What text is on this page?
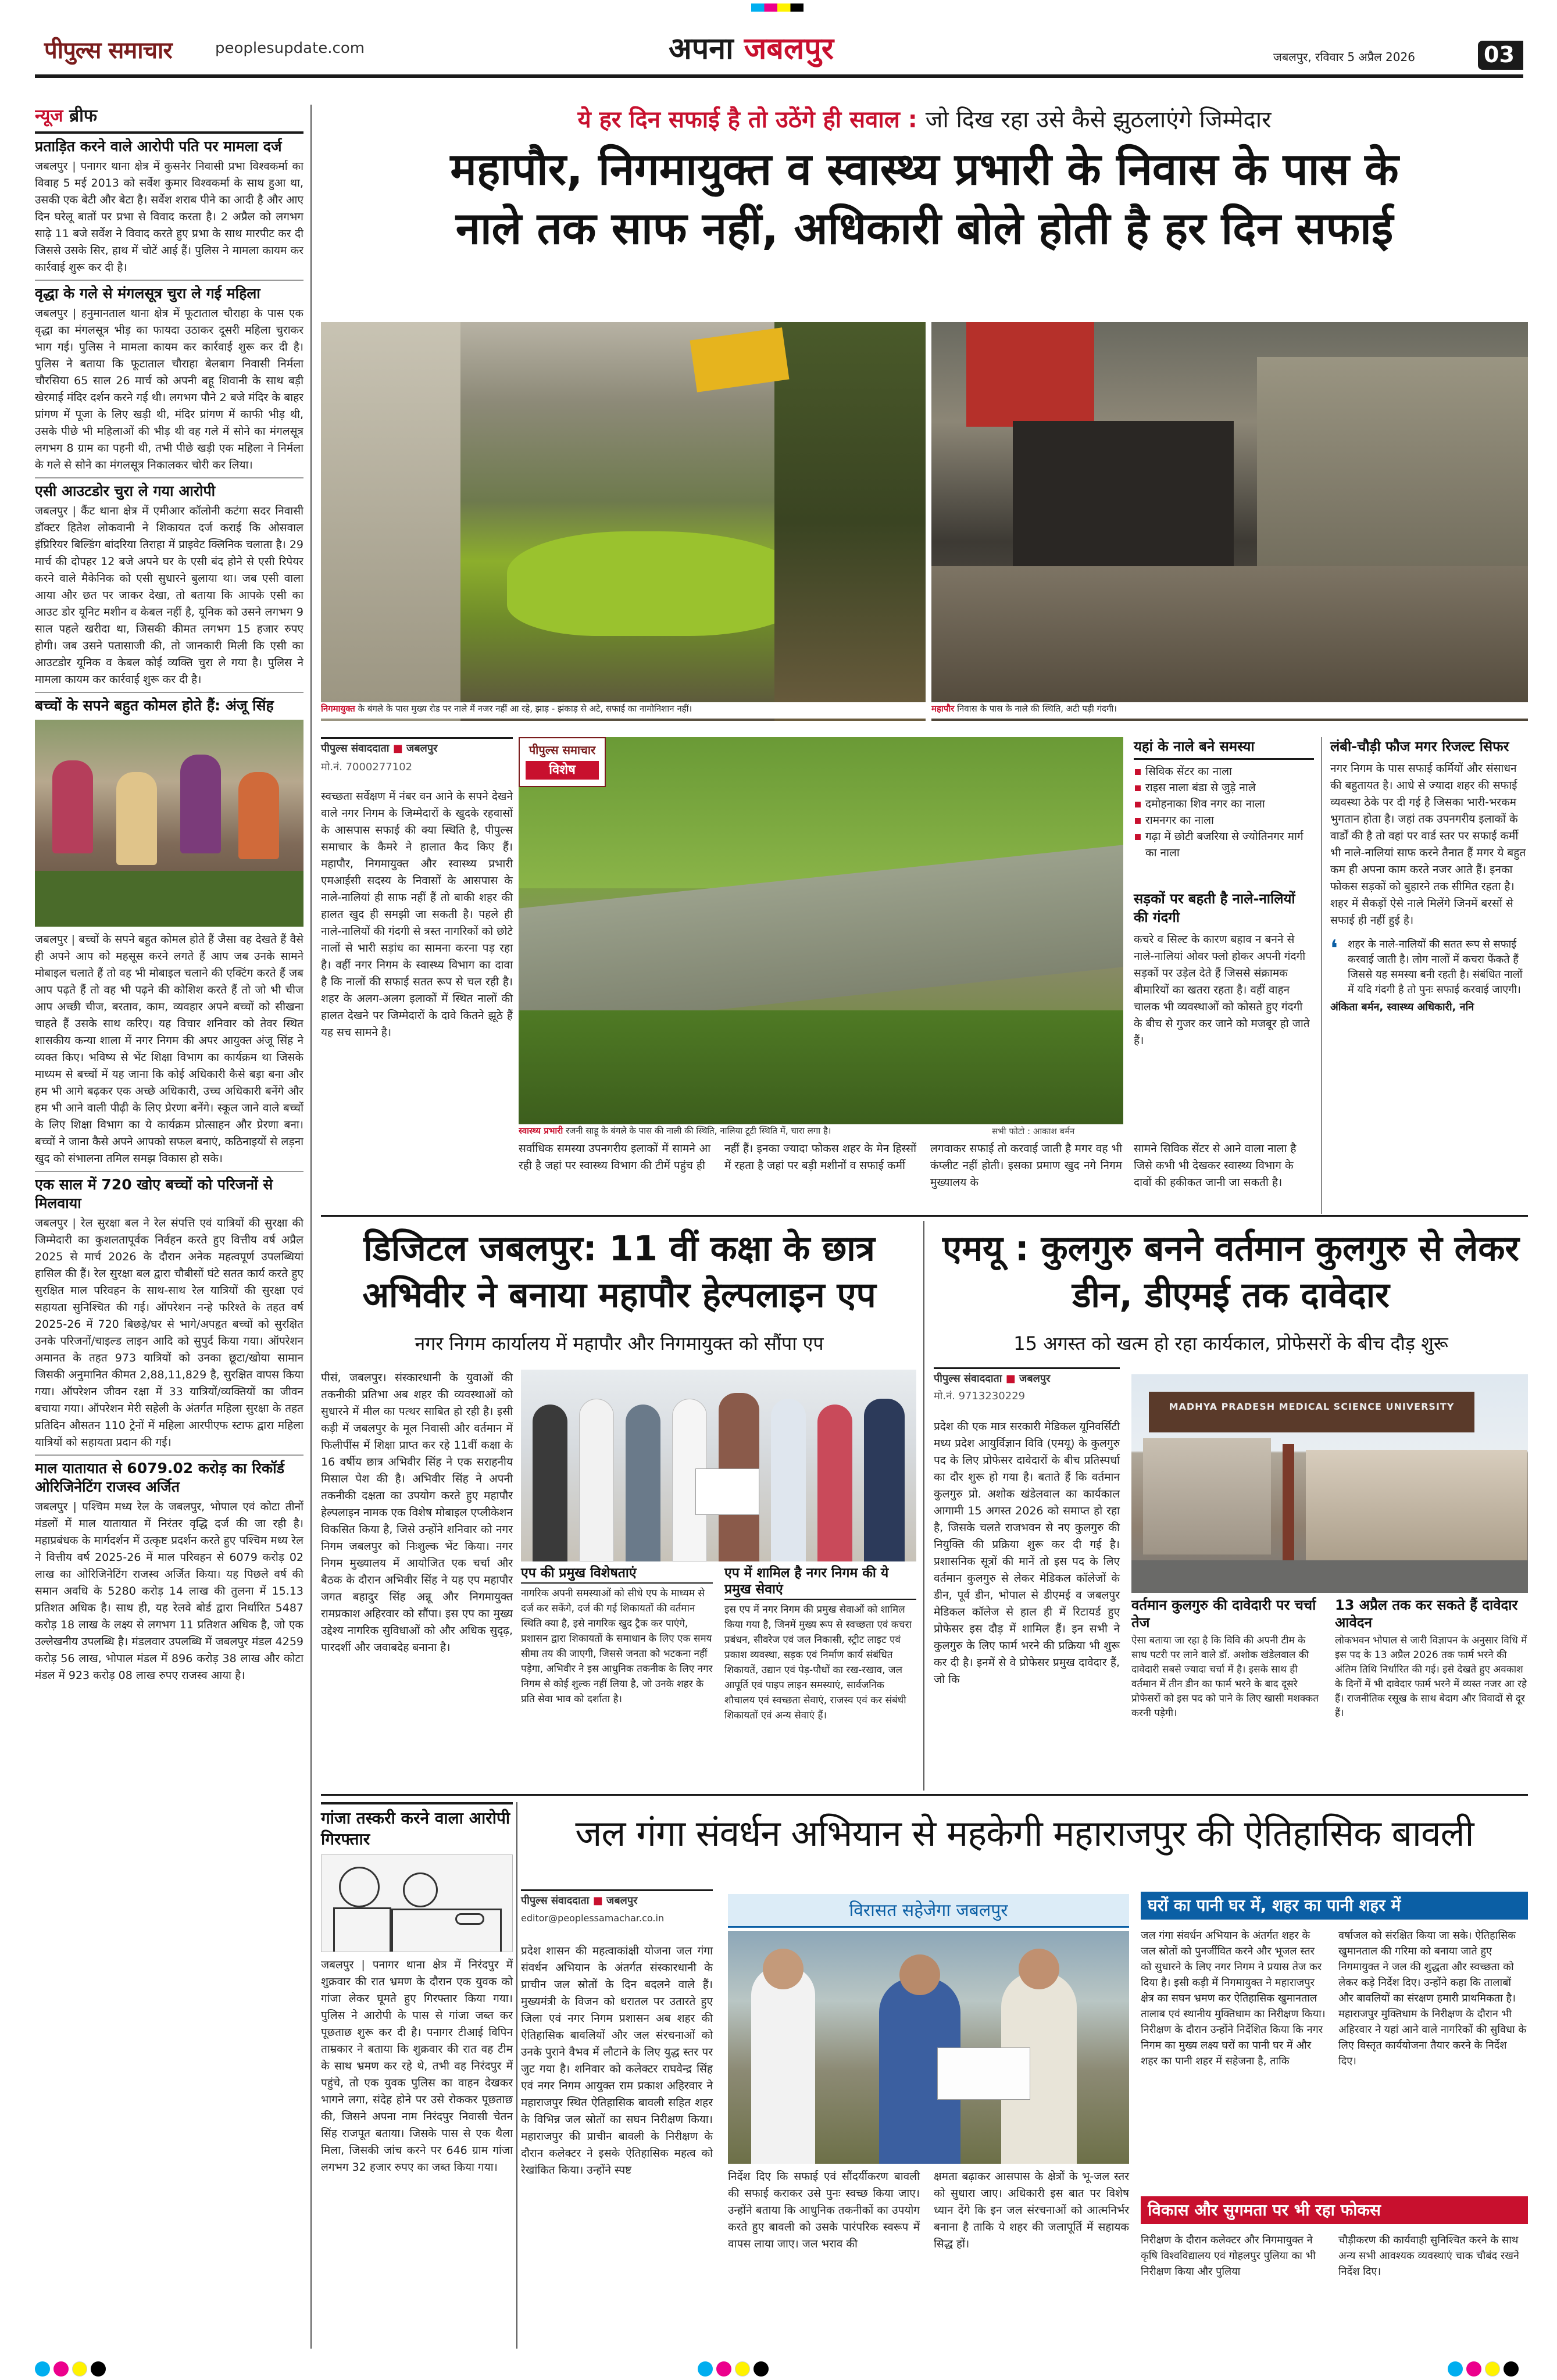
पीपुल्स समाचार	peoplesupdate.com	अपना जबलपुर	जबलपुर, रविवार 5 अप्रैल 2026	03
न्यूज ब्रीफ
प्रताड़ित करने वाले आरोपी पति पर मामला दर्ज
जबलपुर | पनागर थाना क्षेत्र में कुसनेर निवासी प्रभा विश्वकर्मा का विवाह 5 मई 2013 को सर्वेश कुमार विश्वकर्मा के साथ हुआ था, उसकी एक बेटी और बेटा है। सर्वेश शराब पीने का आदी है और आए दिन घरेलू बातों पर प्रभा से विवाद करता है। 2 अप्रैल को लगभग साढ़े 11 बजे सर्वेश ने विवाद करते हुए प्रभा के साथ मारपीट कर दी जिससे उसके सिर, हाथ में चोटें आई हैं। पुलिस ने मामला कायम कर कार्रवाई शुरू कर दी है।
वृद्धा के गले से मंगलसूत्र चुरा ले गई महिला
जबलपुर | हनुमानताल थाना क्षेत्र में फूटाताल चौराहा के पास एक वृद्धा का मंगलसूत्र भीड़ का फायदा उठाकर दूसरी महिला चुराकर भाग गई। पुलिस ने मामला कायम कर कार्रवाई शुरू कर दी है। पुलिस ने बताया कि फूटाताल चौराहा बेलबाग निवासी निर्मला चौरसिया 65 साल 26 मार्च को अपनी बहू शिवानी के साथ बड़ी खेरमाई मंदिर दर्शन करने गई थी। लगभग पौने 2 बजे मंदिर के बाहर प्रांगण में पूजा के लिए खड़ी थी, मंदिर प्रांगण में काफी भीड़ थी, उसके पीछे भी महिलाओं की भीड़ थी वह गले में सोने का मंगलसूत्र लगभग 8 ग्राम का पहनी थी, तभी पीछे खड़ी एक महिला ने निर्मला के गले से सोने का मंगलसूत्र निकालकर चोरी कर लिया।
एसी आउटडोर चुरा ले गया आरोपी
जबलपुर | कैंट थाना क्षेत्र में एमीआर कॉलोनी कटंगा सदर निवासी डॉक्टर हितेश लोकवानी ने शिकायत दर्ज कराई कि ओसवाल इंप्रिरियर बिल्डिंग बांदरिया तिराहा में प्राइवेट क्लिनिक चलाता है। 29 मार्च की दोपहर 12 बजे अपने घर के एसी बंद होने से एसी रिपेयर करने वाले मैकेनिक को एसी सुधारने बुलाया था। जब एसी वाला आया और छत पर जाकर देखा, तो बताया कि आपके एसी का आउट डोर यूनिट मशीन व केबल नहीं है, यूनिक को उसने लगभग 9 साल पहले खरीदा था, जिसकी कीमत लगभग 15 हजार रुपए होगी। जब उसने पतासाजी की, तो जानकारी मिली कि एसी का आउटडोर यूनिक व केबल कोई व्यक्ति चुरा ले गया है। पुलिस ने मामला कायम कर कार्रवाई शुरू कर दी है।
बच्चों के सपने बहुत कोमल होते हैं: अंजू सिंह
जबलपुर | बच्चों के सपने बहुत कोमल होते हैं जैसा वह देखते हैं वैसे ही अपने आप को महसूस करने लगते हैं आप जब उनके सामने मोबाइल चलाते हैं तो वह भी मोबाइल चलाने की एक्टिंग करते हैं जब आप पढ़ते हैं तो वह भी पढ़ने की कोशिश करते हैं तो जो भी चीज आप अच्छी चीज, बरताव, काम, व्यवहार अपने बच्चों को सीखना चाहते हैं उसके साथ करिए। यह विचार शनिवार को तेवर स्थित शासकीय कन्या शाला में नगर निगम की अपर आयुक्त अंजू सिंह ने व्यक्त किए। भविष्य से भेंट शिक्षा विभाग का कार्यक्रम था जिसके माध्यम से बच्चों में यह जाना कि कोई अधिकारी कैसे बड़ा बना और हम भी आगे बढ़कर एक अच्छे अधिकारी, उच्च अधिकारी बनेंगे और हम भी आने वाली पीढ़ी के लिए प्रेरणा बनेंगे। स्कूल जाने वाले बच्चों के लिए शिक्षा विभाग का ये कार्यक्रम प्रोत्साहन और प्रेरणा बना। बच्चों ने जाना कैसे अपने आपको सफल बनाएं, कठिनाइयों से लड़ना खुद को संभालना तमिल समझ विकास हो सके।
एक साल में 720 खोए बच्चों को परिजनों से मिलवाया
जबलपुर | रेल सुरक्षा बल ने रेल संपत्ति एवं यात्रियों की सुरक्षा की जिम्मेदारी का कुशलतापूर्वक निर्वहन करते हुए वित्तीय वर्ष अप्रैल 2025 से मार्च 2026 के दौरान अनेक महत्वपूर्ण उपलब्धियां हासिल की हैं। रेल सुरक्षा बल द्वारा चौबीसों घंटे सतत कार्य करते हुए सुरक्षित माल परिवहन के साथ-साथ रेल यात्रियों की सुरक्षा एवं सहायता सुनिश्चित की गई। ऑपरेशन नन्हे फरिश्ते के तहत वर्ष 2025-26 में 720 बिछड़े/घर से भागे/अपहृत बच्चों को सुरक्षित उनके परिजनों/चाइल्ड लाइन आदि को सुपुर्द किया गया। ऑपरेशन अमानत के तहत 973 यात्रियों को उनका छूटा/खोया सामान जिसकी अनुमानित कीमत 2,88,11,829 है, सुरक्षित वापस किया गया। ऑपरेशन जीवन रक्षा में 33 यात्रियों/व्यक्तियों का जीवन बचाया गया। ऑपरेशन मेरी सहेली के अंतर्गत महिला सुरक्षा के तहत प्रतिदिन औसतन 110 ट्रेनों में महिला आरपीएफ स्टाफ द्वारा महिला यात्रियों को सहायता प्रदान की गई।
माल यातायात से 6079.02 करोड़ का रिकॉर्ड ओरिजिनेटिंग राजस्व अर्जित
जबलपुर | पश्चिम मध्य रेल के जबलपुर, भोपाल एवं कोटा तीनों मंडलों में माल यातायात में निरंतर वृद्धि दर्ज की जा रही है। महाप्रबंधक के मार्गदर्शन में उत्कृष्ट प्रदर्शन करते हुए पश्चिम मध्य रेल ने वित्तीय वर्ष 2025-26 में माल परिवहन से 6079 करोड़ 02 लाख का ओरिजिनेटिंग राजस्व अर्जित किया। यह पिछले वर्ष की समान अवधि के 5280 करोड़ 14 लाख की तुलना में 15.13 प्रतिशत अधिक है। साथ ही, यह रेलवे बोर्ड द्वारा निर्धारित 5487 करोड़ 18 लाख के लक्ष्य से लगभग 11 प्रतिशत अधिक है, जो एक उल्लेखनीय उपलब्धि है। मंडलवार उपलब्धि में जबलपुर मंडल 4259 करोड़ 56 लाख, भोपाल मंडल में 896 करोड़ 38 लाख और कोटा मंडल में 923 करोड़ 08 लाख रुपए राजस्व आया है।
ये हर दिन सफाई है तो उठेंगे ही सवाल : जो दिख रहा उसे कैसे झुठलाएंगे जिम्मेदार
महापौर, निगमायुक्त व स्वास्थ्य प्रभारी के निवास के पास के
नाले तक साफ नहीं, अधिकारी बोले होती है हर दिन सफाई
निगमायुक्त के बंगले के पास मुख्य रोड पर नाले में नजर नहीं आ रहे, झाड़ - झंकाड़ से अटे, सफाई का नामोनिशान नहीं।	महापौर निवास के पास के नाले की स्थिति, अटी पड़ी गंदगी।
पीपुल्स संवाददाता ■ जबलपुर
मो.नं. 7000277102
स्वच्छता सर्वेक्षण में नंबर वन आने के सपने देखने वाले नगर निगम के जिम्मेदारों के खुदके रहवासों के आसपास सफाई की क्या स्थिति है, पीपुल्स समाचार के कैमरे ने हालात कैद किए हैं। महापौर, निगमायुक्त और स्वास्थ्य प्रभारी एमआईसी सदस्य के निवासों के आसपास के नाले-नालियां ही साफ नहीं हैं तो बाकी शहर की हालत खुद ही समझी जा सकती है। पहले ही नाले-नालियों की गंदगी से त्रस्त नागरिकों को छोटे नालों से भारी सड़ांध का सामना करना पड़ रहा है। वहीं नगर निगम के स्वास्थ्य विभाग का दावा है कि नालों की सफाई सतत रूप से चल रही है। शहर के अलग-अलग इलाकों में स्थित नालों की हालत देखने पर जिम्मेदारों के दावे कितने झूठे हैं यह सच सामने है।
पीपुल्स समाचार
विशेष
स्वास्थ्य प्रभारी रजनी साहू के बंगले के पास की नाली की स्थिति, नालिया टूटी स्थिति में, चारा लगा है।	सभी फोटो : आकाश बर्मन
सर्वाधिक समस्या उपनगरीय इलाकों में सामने आ रही है जहां पर स्वास्थ्य विभाग की टीमें पहुंच ही
नहीं हैं। इनका ज्यादा फोकस शहर के मेन हिस्सों में रहता है जहां पर बड़ी मशीनों व सफाई कर्मी
लगवाकर सफाई तो करवाई जाती है मगर वह भी कंप्लीट नहीं होती। इसका प्रमाण खुद नगे निगम मुख्यालय के
यहां के नाले बने समस्या
सिविक सेंटर का नाला
राइस नाला बंडा से जुड़े नाले
दमोहनाका शिव नगर का नाला
रामनगर का नाला
गढ़ा में छोटी बजरिया से ज्योतिनगर मार्ग का नाला
सड़कों पर बहती है नाले-नालियों की गंदगी
कचरे व सिल्ट के कारण बहाव न बनने से नाले-नालियां ओवर फ्लो होकर अपनी गंदगी सड़कों पर उड़ेल देते हैं जिससे संक्रामक बीमारियों का खतरा रहता है। वहीं वाहन चालक भी व्यवस्थाओं को कोसते हुए गंदगी के बीच से गुजर कर जाने को मजबूर हो जाते हैं।
सामने सिविक सेंटर से आने वाला नाला है जिसे कभी भी देखकर स्वास्थ्य विभाग के दावों की हकीकत जानी जा सकती है।
लंबी-चौड़ी फौज मगर रिजल्ट सिफर
नगर निगम के पास सफाई कर्मियों और संसाधन की बहुतायत है। आधे से ज्यादा शहर की सफाई व्यवस्था ठेके पर दी गई है जिसका भारी-भरकम भुगतान होता है। जहां तक उपनगरीय इलाकों के वार्डों की है तो वहां पर वार्ड स्तर पर सफाई कर्मी भी नाले-नालियां साफ करने तैनात हैं मगर ये बहुत कम ही अपना काम करते नजर आते हैं। इनका फोकस सड़कों को बुहारने तक सीमित रहता है। शहर में सैकड़ों ऐसे नाले मिलेंगे जिनमें बरसों से सफाई ही नहीं हुई है।
❛ शहर के नाले-नालियों की सतत रूप से सफाई करवाई जाती है। लोग नालों में कचरा फेंकते हैं जिससे यह समस्या बनी रहती है। संबंधित नालों में यदि गंदगी है तो पुनः सफाई करवाई जाएगी।
अंकिता बर्मन, स्वास्थ्य अधिकारी, ननि
डिजिटल जबलपुर: 11 वीं कक्षा के छात्र अभिवीर ने बनाया महापौर हेल्पलाइन एप
नगर निगम कार्यालय में महापौर और निगमायुक्त को सौंपा एप
पीसं, जबलपुर। संस्कारधानी के युवाओं की तकनीकी प्रतिभा अब शहर की व्यवस्थाओं को सुधारने में मील का पत्थर साबित हो रही है। इसी कड़ी में जबलपुर के मूल निवासी और वर्तमान में फिलीपींस में शिक्षा प्राप्त कर रहे 11वीं कक्षा के 16 वर्षीय छात्र अभिवीर सिंह ने एक सराहनीय मिसाल पेश की है। अभिवीर सिंह ने अपनी तकनीकी दक्षता का उपयोग करते हुए महापौर हेल्पलाइन नामक एक विशेष मोबाइल एप्लीकेशन विकसित किया है, जिसे उन्होंने शनिवार को नगर निगम जबलपुर को निःशुल्क भेंट किया। नगर निगम मुख्यालय में आयोजित एक चर्चा और बैठक के दौरान अभिवीर सिंह ने यह एप महापौर जगत बहादुर सिंह अन्नू और निगमायुक्त रामप्रकाश अहिरवार को सौंपा। इस एप का मुख्य उद्देश्य नागरिक सुविधाओं को और अधिक सुदृढ़, पारदर्शी और जवाबदेह बनाना है।
एप की प्रमुख विशेषताएं
नागरिक अपनी समस्याओं को सीधे एप के माध्यम से दर्ज कर सकेंगे, दर्ज की गई शिकायतों की वर्तमान स्थिति क्या है, इसे नागरिक खुद ट्रैक कर पाएंगे, प्रशासन द्वारा शिकायतों के समाधान के लिए एक समय सीमा तय की जाएगी, जिससे जनता को भटकना नहीं पड़ेगा, अभिवीर ने इस आधुनिक तकनीक के लिए नगर निगम से कोई शुल्क नहीं लिया है, जो उनके शहर के प्रति सेवा भाव को दर्शाता है।
एप में शामिल है नगर निगम की ये प्रमुख सेवाएं
इस एप में नगर निगम की प्रमुख सेवाओं को शामिल किया गया है, जिनमें मुख्य रूप से स्वच्छता एवं कचरा प्रबंधन, सीवरेज एवं जल निकासी, स्ट्रीट लाइट एवं प्रकाश व्यवस्था, सड़क एवं निर्माण कार्य संबंधित शिकायतें, उद्यान एवं पेड़-पौधों का रख-रखाव, जल आपूर्ति एवं पाइप लाइन समस्याएं, सार्वजनिक शौचालय एवं स्वच्छता सेवाएं, राजस्व एवं कर संबंधी शिकायतों एवं अन्य सेवाएं हैं।
एमयू : कुलगुरु बनने वर्तमान कुलगुरु से लेकर डीन, डीएमई तक दावेदार
15 अगस्त को खत्म हो रहा कार्यकाल, प्रोफेसरों के बीच दौड़ शुरू
पीपुल्स संवाददाता ■ जबलपुर
मो.नं. 9713230229
प्रदेश की एक मात्र सरकारी मेडिकल यूनिवर्सिटी मध्य प्रदेश आयुर्विज्ञान विवि (एमयू) के कुलगुरु पद के लिए प्रोफेसर दावेदारों के बीच प्रतिस्पर्धा का दौर शुरू हो गया है। बताते हैं कि वर्तमान कुलगुरु प्रो. अशोक खंडेलवाल का कार्यकाल आगामी 15 अगस्त 2026 को समाप्त हो रहा है, जिसके चलते राजभवन से नए कुलगुरु की नियुक्ति की प्रक्रिया शुरू कर दी गई है। प्रशासनिक सूत्रों की मानें तो इस पद के लिए वर्तमान कुलगुरु से लेकर मेडिकल कॉलेजों के डीन, पूर्व डीन, भोपाल से डीएमई व जबलपुर मेडिकल कॉलेज से हाल ही में रिटायर्ड हुए प्रोफेसर इस दौड़ में शामिल हैं। इन सभी ने कुलगुरु के लिए फार्म भरने की प्रक्रिया भी शुरू कर दी है। इनमें से वे प्रोफेसर प्रमुख दावेदार हैं, जो कि
MADHYA PRADESH MEDICAL SCIENCE UNIVERSITY
वर्तमान कुलगुरु की दावेदारी पर चर्चा तेज
ऐसा बताया जा रहा है कि विवि की अपनी टीम के साथ पटरी पर लाने वाले डॉ. अशोक खंडेलवाल की दावेदारी सबसे ज्यादा चर्चा में है। इसके साथ ही वर्तमान में तीन डीन का फार्म भरने के बाद दूसरे प्रोफेसरों को इस पद को पाने के लिए खासी मशक्कत करनी पड़ेगी।
13 अप्रैल तक कर सकते हैं दावेदार आवेदन
लोकभवन भोपाल से जारी विज्ञापन के अनुसार विधि में इस पद के 13 अप्रैल 2026 तक फार्म भरने की अंतिम तिथि निर्धारित की गई। इसे देखते हुए अवकाश के दिनों में भी दावेदार फार्म भरने में व्यस्त नजर आ रहे हैं। राजनीतिक रसूख के साथ बेदाग और विवादों से दूर हैं।
गांजा तस्करी करने वाला आरोपी गिरफ्तार
जबलपुर | पनागर थाना क्षेत्र में निरंदपुर में शुक्रवार की रात भ्रमण के दौरान एक युवक को गांजा लेकर घूमते हुए गिरफ्तार किया गया। पुलिस ने आरोपी के पास से गांजा जब्त कर पूछताछ शुरू कर दी है। पनागर टीआई विपिन ताम्रकार ने बताया कि शुक्रवार की रात वह टीम के साथ भ्रमण कर रहे थे, तभी वह निरंदपुर में पहुंचे, तो एक युवक पुलिस का वाहन देखकर भागने लगा, संदेह होने पर उसे रोककर पूछताछ की, जिसने अपना नाम निरंदपुर निवासी चेतन सिंह राजपूत बताया। जिसके पास से एक थैला मिला, जिसकी जांच करने पर 646 ग्राम गांजा लगभग 32 हजार रुपए का जब्त किया गया।
जल गंगा संवर्धन अभियान से महकेगी महाराजपुर की ऐतिहासिक बावली
पीपुल्स संवाददाता ■ जबलपुर
editor@peoplessamachar.co.in
प्रदेश शासन की महत्वाकांक्षी योजना जल गंगा संवर्धन अभियान के अंतर्गत संस्कारधानी के प्राचीन जल स्रोतों के दिन बदलने वाले हैं। मुख्यमंत्री के विजन को धरातल पर उतारते हुए जिला एवं नगर निगम प्रशासन अब शहर की ऐतिहासिक बावलियों और जल संरचनाओं को उनके पुराने वैभव में लौटाने के लिए युद्ध स्तर पर जुट गया है। शनिवार को कलेक्टर राघवेन्द्र सिंह एवं नगर निगम आयुक्त राम प्रकाश अहिरवार ने महाराजपुर स्थित ऐतिहासिक बावली सहित शहर के विभिन्न जल स्रोतों का सघन निरीक्षण किया। महाराजपुर की प्राचीन बावली के निरीक्षण के दौरान कलेक्टर ने इसके ऐतिहासिक महत्व को रेखांकित किया। उन्होंने स्पष्ट
विरासत सहेजेगा जबलपुर
निर्देश दिए कि सफाई एवं सौंदर्यीकरण बावली की सफाई कराकर उसे पुनः स्वच्छ किया जाए। उन्होंने बताया कि आधुनिक तकनीकों का उपयोग करते हुए बावली को उसके पारंपरिक स्वरूप में वापस लाया जाए। जल भराव की
क्षमता बढ़ाकर आसपास के क्षेत्रों के भू-जल स्तर को सुधारा जाए। अधिकारी इस बात पर विशेष ध्यान देंगे कि इन जल संरचनाओं को आत्मनिर्भर बनाना है ताकि ये शहर की जलापूर्ति में सहायक सिद्ध हों।
घरों का पानी घर में, शहर का पानी शहर में
जल गंगा संवर्धन अभियान के अंतर्गत शहर के जल स्रोतों को पुनर्जीवित करने और भूजल स्तर को सुधारने के लिए नगर निगम ने प्रयास तेज कर दिया है। इसी कड़ी में निगमायुक्त ने महाराजपुर क्षेत्र का सघन भ्रमण कर ऐतिहासिक खुमानताल तालाब एवं स्थानीय मुक्तिधाम का निरीक्षण किया। निरीक्षण के दौरान उन्होंने निर्देशित किया कि नगर निगम का मुख्य लक्ष्य घरों का पानी घर में और शहर का पानी शहर में सहेजना है, ताकि
वर्षाजल को संरक्षित किया जा सके। ऐतिहासिक खुमानताल की गरिमा को बनाया जाते हुए निगमायुक्त ने जल की शुद्धता और स्वच्छता को लेकर कड़े निर्देश दिए। उन्होंने कहा कि तालाबों और बावलियों का संरक्षण हमारी प्राथमिकता है। महाराजपुर मुक्तिधाम के निरीक्षण के दौरान भी अहिरवार ने यहां आने वाले नागरिकों की सुविधा के लिए विस्तृत कार्ययोजना तैयार करने के निर्देश दिए।
विकास और सुगमता पर भी रहा फोकस
निरीक्षण के दौरान कलेक्टर और निगमायुक्त ने कृषि विश्वविद्यालय एवं गोहलपुर पुलिया का भी निरीक्षण किया और पुलिया
चौड़ीकरण की कार्यवाही सुनिश्चित करने के साथ अन्य सभी आवश्यक व्यवस्थाएं चाक चौबंद रखने निर्देश दिए।
